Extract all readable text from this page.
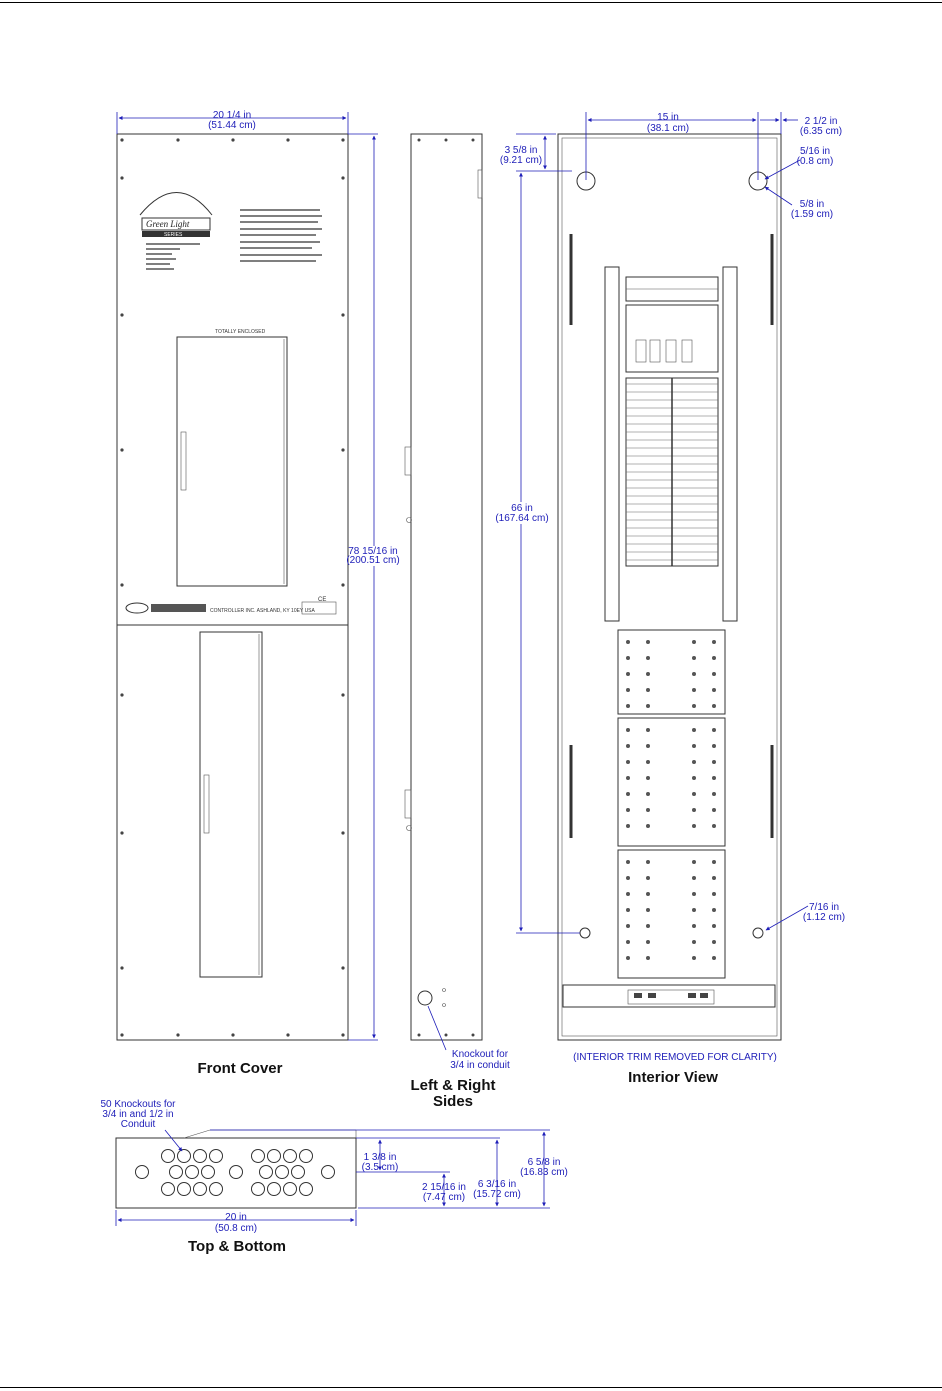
Green Light
SERIES
TOTALLY ENCLOSED
CONTROLLER INC. ASHLAND, KY 10EY USA
CE
20 1/4 in
(51.44 cm)
78 15/16 in
(200.51 cm)
Front Cover
Knockout for
3/4 in conduit
Left & Right
Sides
15 in
(38.1 cm)
2 1/2 in
(6.35 cm)
3 5/8 in
(9.21 cm)
5/16 in
(0.8 cm)
5/8 in
(1.59 cm)
66 in
(167.64 cm)
7/16 in
(1.12 cm)
(INTERIOR TRIM REMOVED FOR CLARITY)
Interior View
50 Knockouts for
3/4 in and 1/2 in
Conduit
20 in
(50.8 cm)
1 3/8 in
(3.5 cm)
2 15/16 in
(7.47 cm)
6 3/16 in
(15.72 cm)
6 5/8 in
(16.83 cm)
Top & Bottom
